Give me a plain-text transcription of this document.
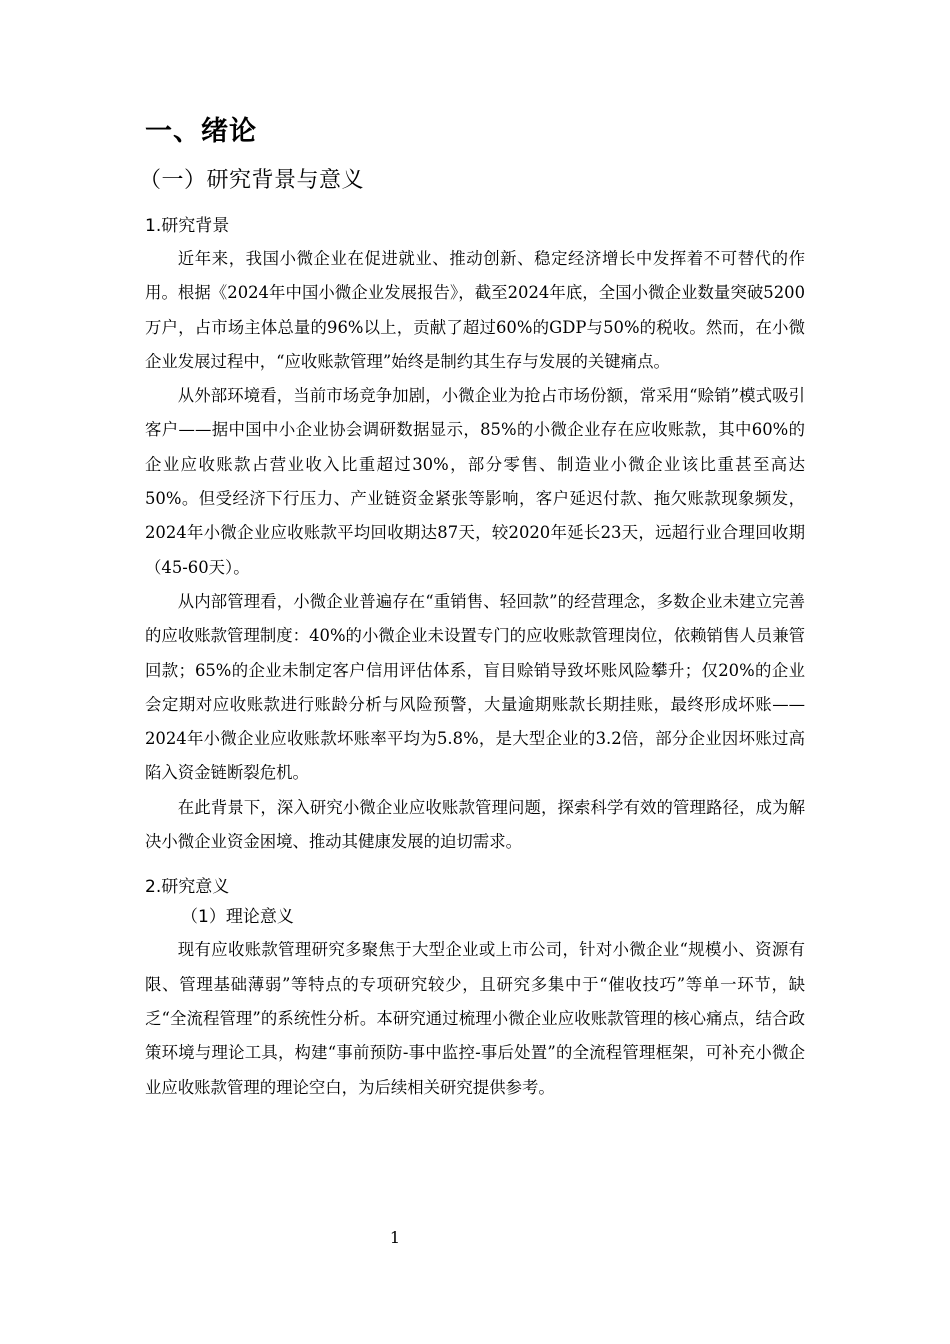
一、绪论
（一）研究背景与意义
1.研究背景

近年来，我国小微企业在促进就业、推动创新、稳定经济增长中发挥着不可替代的作用。根据《2024年中国小微企业发展报告》，截至2024年底，全国小微企业数量突破5200万户，占市场主体总量的96%以上，贡献了超过60%的GDP与50%的税收。然而，在小微企业发展过程中，“应收账款管理”始终是制约其生存与发展的关键痛点。

从外部环境看，当前市场竞争加剧，小微企业为抢占市场份额，常采用“赊销”模式吸引客户——据中国中小企业协会调研数据显示，85%的小微企业存在应收账款，其中60%的企业应收账款占营业收入比重超过30%，部分零售、制造业小微企业该比重甚至高达50%。但受经济下行压力、产业链资金紧张等影响，客户延迟付款、拖欠账款现象频发，2024年小微企业应收账款平均回收期达87天，较2020年延长23天，远超行业合理回收期（45-60天）。

从内部管理看，小微企业普遍存在“重销售、轻回款”的经营理念，多数企业未建立完善的应收账款管理制度：40%的小微企业未设置专门的应收账款管理岗位，依赖销售人员兼管回款；65%的企业未制定客户信用评估体系，盲目赊销导致坏账风险攀升；仅20%的企业会定期对应收账款进行账龄分析与风险预警，大量逾期账款长期挂账，最终形成坏账——2024年小微企业应收账款坏账率平均为5.8%，是大型企业的3.2倍，部分企业因坏账过高陷入资金链断裂危机。

在此背景下，深入研究小微企业应收账款管理问题，探索科学有效的管理路径，成为解决小微企业资金困境、推动其健康发展的迫切需求。

2.研究意义
（1）理论意义

现有应收账款管理研究多聚焦于大型企业或上市公司，针对小微企业“规模小、资源有限、管理基础薄弱”等特点的专项研究较少，且研究多集中于“催收技巧”等单一环节，缺乏“全流程管理”的系统性分析。本研究通过梳理小微企业应收账款管理的核心痛点，结合政策环境与理论工具，构建“事前预防-事中监控-事后处置”的全流程管理框架，可补充小微企业应收账款管理的理论空白，为后续相关研究提供参考。

1
